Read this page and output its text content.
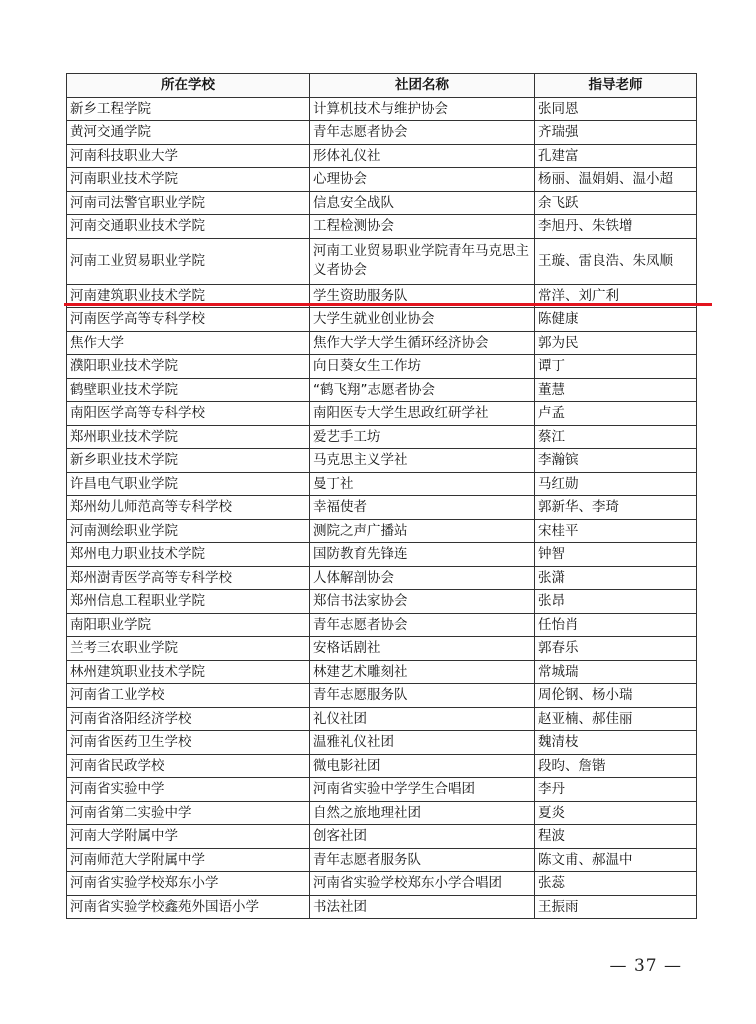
所在学校	社团名称	指导老师
新乡工程学院	计算机技术与维护协会	张同恩
黄河交通学院	青年志愿者协会	齐瑞强
河南科技职业大学	形体礼仪社	孔建富
河南职业技术学院	心理协会	杨丽、温娟娟、温小超
河南司法警官职业学院	信息安全战队	余飞跃
河南交通职业技术学院	工程检测协会	李旭丹、朱铁增
河南工业贸易职业学院	河南工业贸易职业学院青年马克思主义者协会	王璇、雷良浩、朱凤顺
河南建筑职业技术学院	学生资助服务队	常洋、刘广利
河南医学高等专科学校	大学生就业创业协会	陈健康
焦作大学	焦作大学大学生循环经济协会	郭为民
濮阳职业技术学院	向日葵女生工作坊	谭丁
鹤壁职业技术学院	“鹤飞翔”志愿者协会	董慧
南阳医学高等专科学校	南阳医专大学生思政红研学社	卢孟
郑州职业技术学院	爱艺手工坊	蔡江
新乡职业技术学院	马克思主义学社	李瀚镔
许昌电气职业学院	曼丁社	马红勋
郑州幼儿师范高等专科学校	幸福使者	郭新华、李琦
河南测绘职业学院	测院之声广播站	宋桂平
郑州电力职业技术学院	国防教育先锋连	钟智
郑州澍青医学高等专科学校	人体解剖协会	张潇
郑州信息工程职业学院	郑信书法家协会	张昂
南阳职业学院	青年志愿者协会	任怡肖
兰考三农职业学院	安格话剧社	郭春乐
林州建筑职业技术学院	林建艺术雕刻社	常城瑞
河南省工业学校	青年志愿服务队	周伦钢、杨小瑞
河南省洛阳经济学校	礼仪社团	赵亚楠、郝佳丽
河南省医药卫生学校	温雅礼仪社团	魏清枝
河南省民政学校	微电影社团	段昀、詹锴
河南省实验中学	河南省实验中学学生合唱团	李丹
河南省第二实验中学	自然之旅地理社团	夏炎
河南大学附属中学	创客社团	程波
河南师范大学附属中学	青年志愿者服务队	陈文甫、郝温中
河南省实验学校郑东小学	河南省实验学校郑东小学合唱团	张蕊
河南省实验学校鑫苑外国语小学	书法社团	王振雨
— 37 —
